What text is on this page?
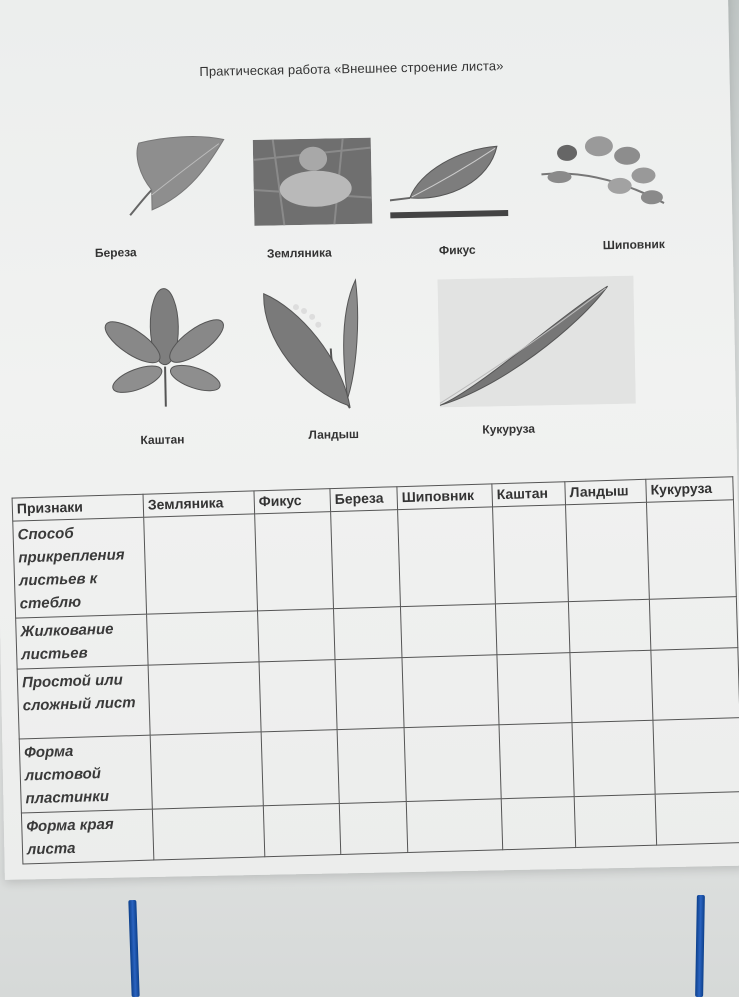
Практическая работа «Внешнее строение листа»
Береза	Земляника	Фикус	Шиповник
Каштан	Ландыш	Кукуруза
Признаки	Земляника	Фикус	Береза	Шиповник	Каштан	Ландыш	Кукуруза
Способ прикрепления листьев к стеблю							
Жилкование листьев							
Простой или сложный лист							
Форма листовой пластинки							
Форма края листа							
